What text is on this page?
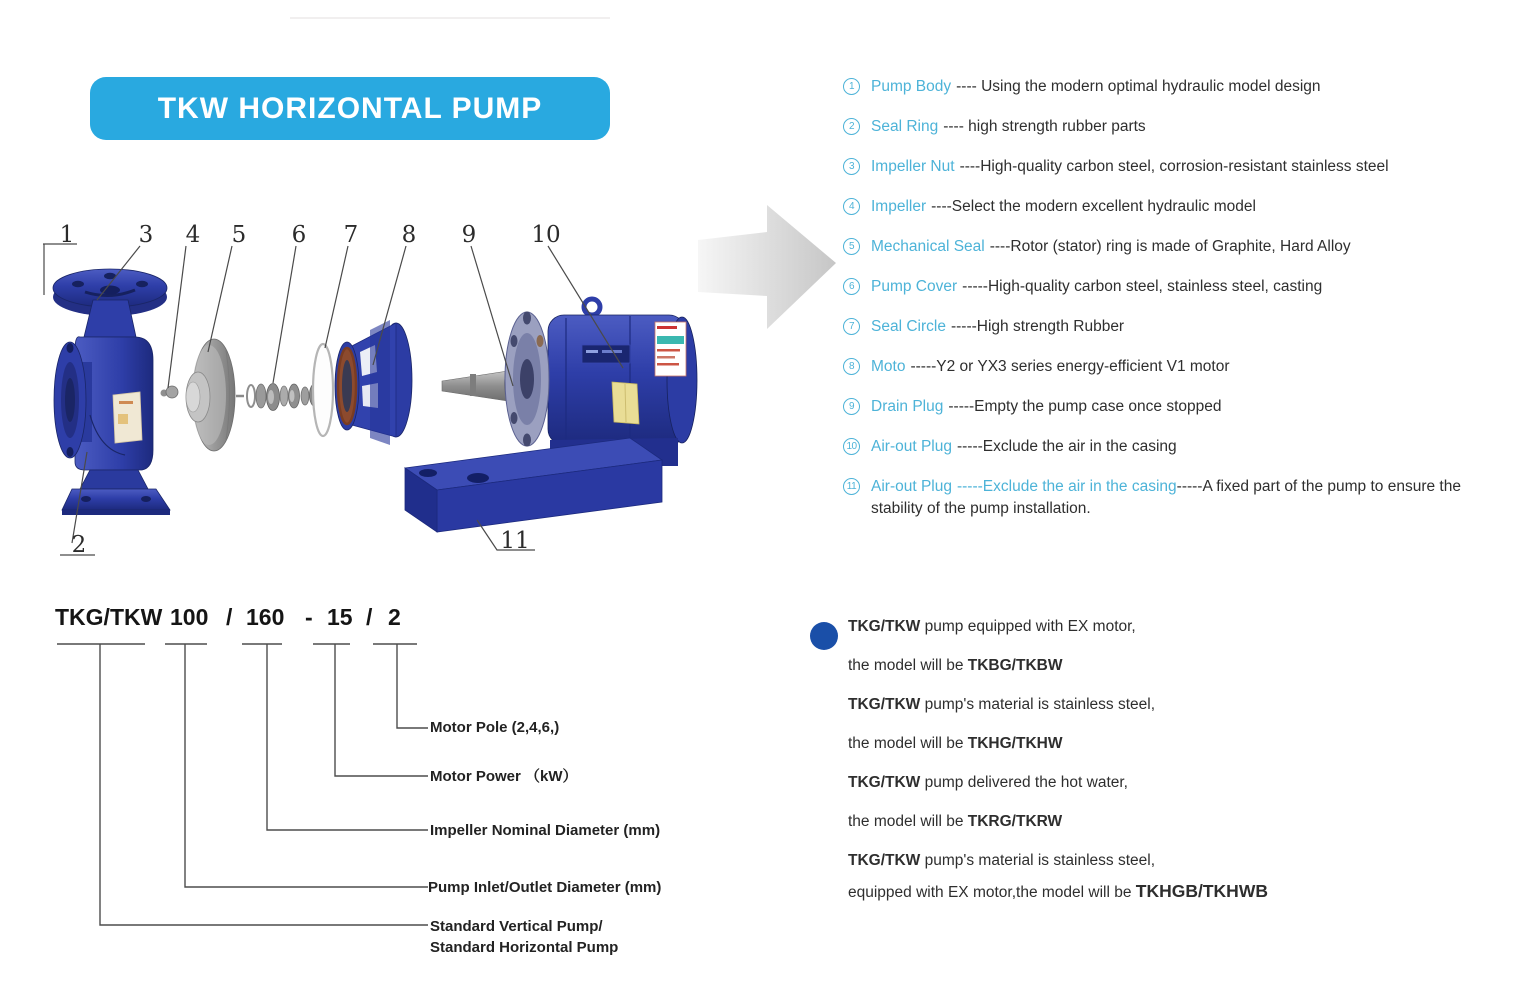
TKW HORIZONTAL PUMP
1	3 4 5 6 7 8 9 10
2	11
1	Pump Body ---- Using the modern optimal hydraulic model design
2	Seal Ring ---- high strength rubber parts
3	Impeller Nut ----High-quality carbon steel, corrosion-resistant stainless steel
4	Impeller ----Select the modern excellent hydraulic model
5	Mechanical Seal ----Rotor (stator) ring is made of Graphite, Hard Alloy
6	Pump Cover -----High-quality carbon steel, stainless steel, casting
7	Seal Circle -----High strength Rubber
8	Moto -----Y2 or YX3 series energy-efficient V1 motor
9	Drain Plug -----Empty the pump case once stopped
10 Air-out Plug -----Exclude the air in the casing
11 Air-out Plug -----Exclude the air in the casing-----A fixed part of the pump to ensure the stability of the pump installation.
TKG/TKW 100 / 160 - 15 / 2
Motor Pole (2,4,6,)
Motor Power （kW）
Impeller Nominal Diameter (mm)
Pump Inlet/Outlet Diameter (mm)
Standard Vertical Pump/
Standard Horizontal Pump
TKG/TKW pump equipped with EX motor,
the model will be TKBG/TKBW
TKG/TKW pump's material is stainless steel,
the model will be TKHG/TKHW
TKG/TKW pump delivered the hot water,
the model will be TKRG/TKRW
TKG/TKW pump's material is stainless steel,
equipped with EX motor,the model will be TKHGB/TKHWB
